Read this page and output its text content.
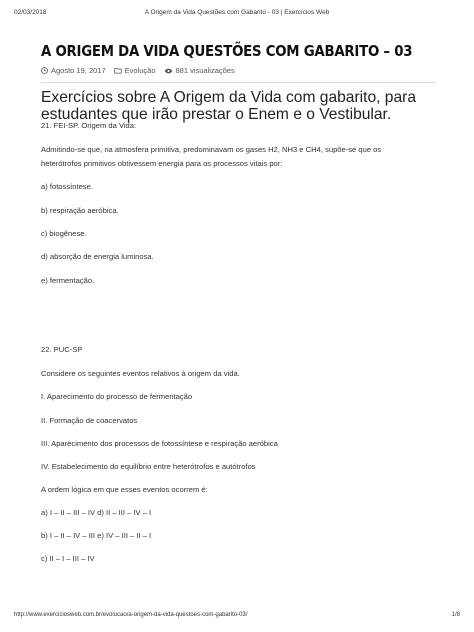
02/03/2018	A Origem da Vida Questões com Gabarito - 03 | Exercícios Web
A ORIGEM DA VIDA QUESTÕES COM GABARITO – 03
Agosto 19, 2017	Evolução	881 visualizações

Exercícios sobre A Origem da Vida com gabarito, para estudantes que irão prestar o Enem e o Vestibular.

21. FEI-SP. Origem da Vida:

Admitindo-se que, na atmosfera primitiva, predominavam os gases H2, NH3 e CH4, supõe-se que os

heterótrofos primitivos obtivessem energia para os processos vitais por:

a) fotossíntese.

b) respiração aeróbica.

c) biogênese.

d) absorção de energia luminosa.

e) fermentação.

22. PUC-SP

Considere os seguintes eventos relativos à origem da vida.

I. Aparecimento do processo de fermentação

II. Formação de coacervatos

III. Aparecimento dos processos de fotossíntese e respiração aeróbica

IV. Estabelecimento do equilíbrio entre heterótrofos e autótrofos

A ordem lógica em que esses eventos ocorrem é:

a) I – II – III – IV d) II – III – IV – I

b) I – II – IV – III e) IV – III – II – I

c) II – I – III – IV

http://www.exerciciosweb.com.br/evolucao/a-origem-da-vida-questoes-com-gabarito-03/	1/8
